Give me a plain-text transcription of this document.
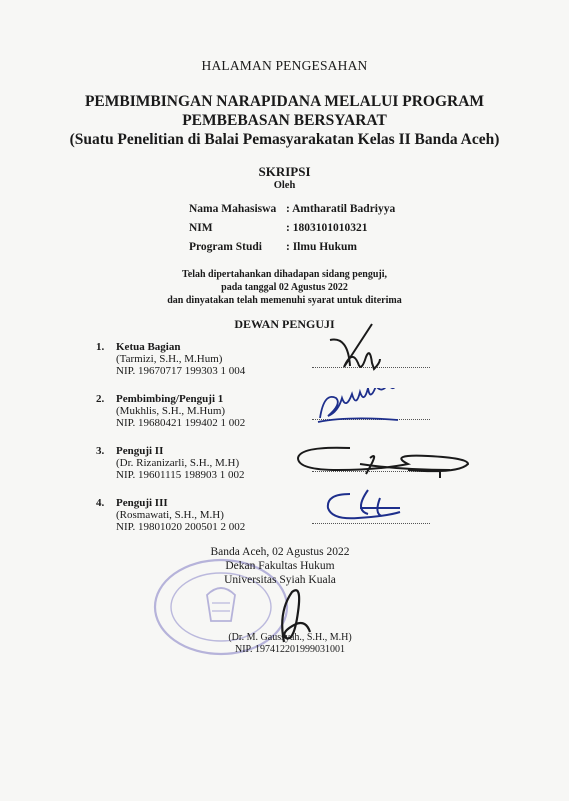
HALAMAN PENGESAHAN
PEMBIMBINGAN NARAPIDANA MELALUI PROGRAM
PEMBEBASAN BERSYARAT
(Suatu Penelitian di Balai Pemasyarakatan Kelas II Banda Aceh)
SKRIPSI
Oleh
Nama Mahasiswa : Amtharatil Badriyya
NIM	: 1803101010321
Program Studi	: Ilmu Hukum
Telah dipertahankan dihadapan sidang penguji,
pada tanggal 02 Agustus 2022
dan dinyatakan telah memenuhi syarat untuk diterima
DEWAN PENGUJI
1.	Ketua Bagian
(Tarmizi, S.H., M.Hum)
NIP. 19670717 199303 1 004
2.	Pembimbing/Penguji 1
(Mukhlis, S.H., M.Hum)
NIP. 19680421 199402 1 002
3.	Penguji II
(Dr. Rizanizarli, S.H., M.H)
NIP. 19601115 198903 1 002
4.	Penguji III
(Rosmawati, S.H., M.H)
NIP. 19801020 200501 2 002
Banda Aceh, 02 Agustus 2022
Dekan Fakultas Hukum
Universitas Syiah Kuala
(Dr. M. Gaussyah., S.H., M.H)
NIP. 197412201999031001
